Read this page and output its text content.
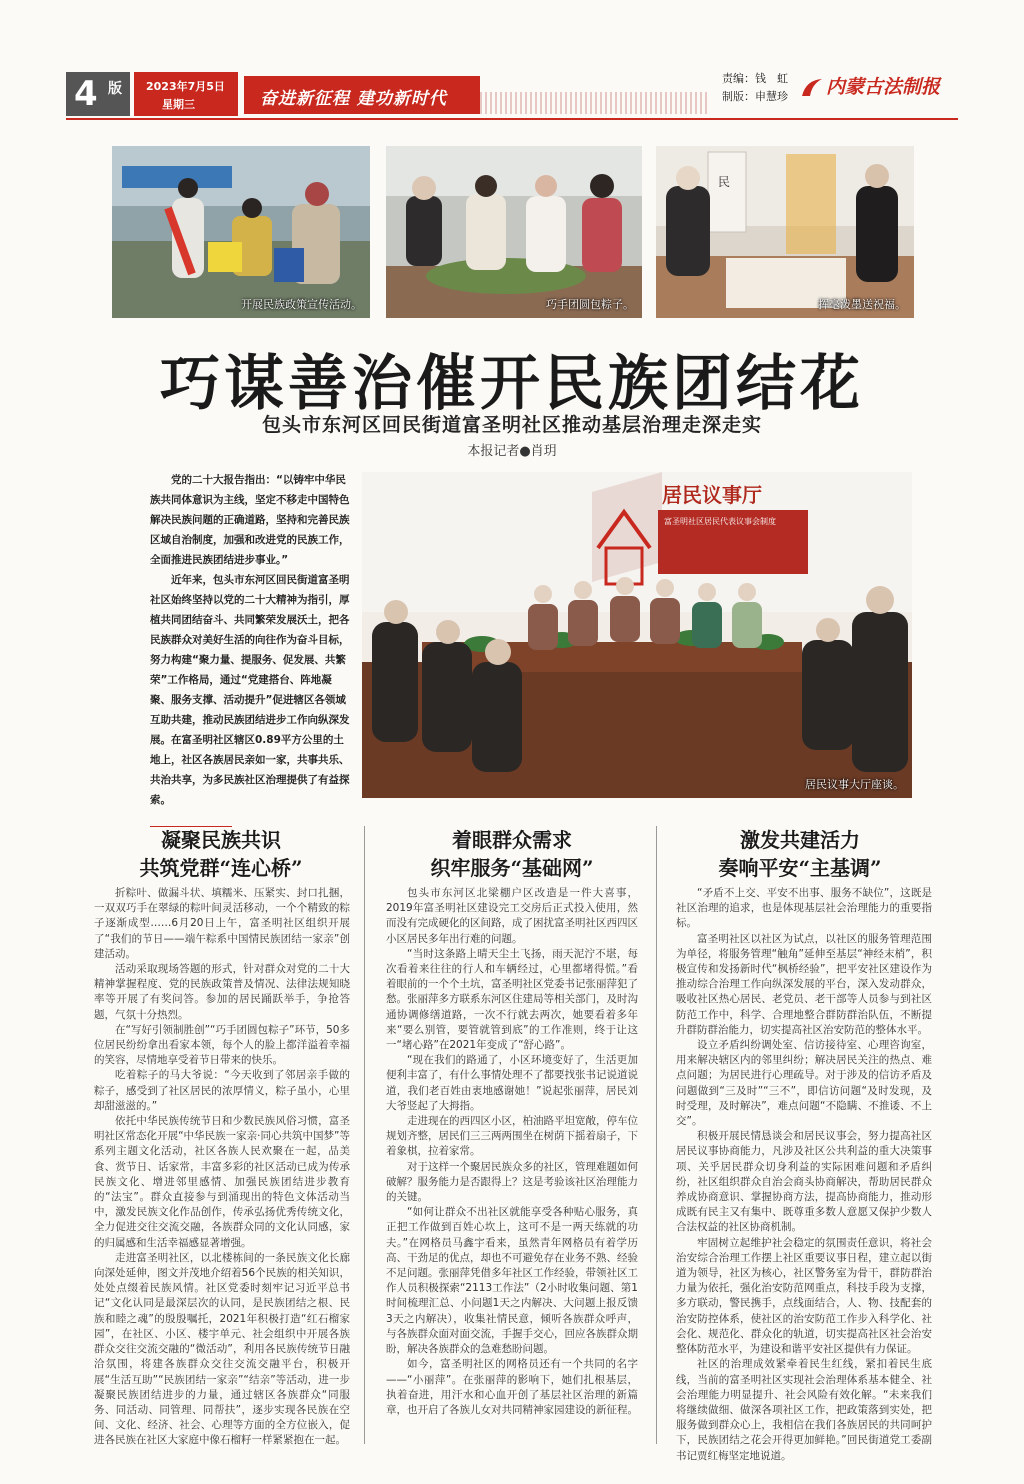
4 版 2023年7月5日
星期三	奋进新征程 建功新时代
责编：钱　虹
制版：申慧珍 内蒙古法制报
开展民族政策宣传活动。	巧手团圆包粽子。
民
挥毫泼墨送祝福。
巧谋善治催开民族团结花
包头市东河区回民街道富圣明社区推动基层治理走深走实
本报记者●肖玥

党的二十大报告指出：“以铸牢中华民族共同体意识为主线，坚定不移走中国特色解决民族问题的正确道路，坚持和完善民族区域自治制度，加强和改进党的民族工作，全面推进民族团结进步事业。”

近年来，包头市东河区回民街道富圣明社区始终坚持以党的二十大精神为指引，厚植共同团结奋斗、共同繁荣发展沃土，把各民族群众对美好生活的向往作为奋斗目标，努力构建“聚力量、提服务、促发展、共繁荣”工作格局，通过“党建搭台、阵地凝聚、服务支撑、活动提升”促进辖区各领域互助共建，推动民族团结进步工作向纵深发展。在富圣明社区辖区0.89平方公里的土地上，社区各族居民亲如一家，共事共乐、共治共享，为多民族社区治理提供了有益探索。

居民议事厅
富圣明社区居民代表议事会制度
居民议事大厅座谈。
凝聚民族共识
共筑党群“连心桥”

折粽叶、做漏斗状、填糯米、压紧实、封口扎捆，一双双巧手在翠绿的粽叶间灵活移动，一个个精致的粽子逐渐成型……6月20日上午，富圣明社区组织开展了“我们的节日——端午粽系中国情民族团结一家亲”创建活动。

活动采取现场答题的形式，针对群众对党的二十大精神掌握程度、党的民族政策普及情况、法律法规知晓率等开展了有奖问答。参加的居民踊跃举手，争抢答题，气氛十分热烈。

在“写好引领制胜创”“巧手团圆包粽子”环节，50多位居民纷纷拿出看家本领，每个人的脸上都洋溢着幸福的笑容，尽情地享受着节日带来的快乐。

吃着粽子的马大爷说：“今天收到了邻居亲手做的粽子，感受到了社区居民的浓厚情义，粽子虽小，心里却甜滋滋的。”

依托中华民族传统节日和少数民族风俗习惯，富圣明社区常态化开展“中华民族一家亲·同心共筑中国梦”等系列主题文化活动，社区各族人民欢聚在一起，品美食、赏节日、话家常，丰富多彩的社区活动已成为传承民族文化、增进邻里感情、加强民族团结进步教育的“法宝”。群众直接参与到涌现出的特色文体活动当中，激发民族文化作品创作，传承弘扬优秀传统文化，全力促进交往交流交融，各族群众同的文化认同感，家的归属感和生活幸福感显著增强。

走进富圣明社区，以北楼栋间的一条民族文化长廊向深处延伸，图文并茂地介绍着56个民族的相关知识，处处点缀着民族风情。社区党委时刻牢记习近平总书记“文化认同是最深层次的认同，是民族团结之根、民族和睦之魂”的殷殷嘱托，2021年积极打造“红石榴家园”，在社区、小区、楼宇单元、社会组织中开展各族群众交往交流交融的“微活动”，利用各民族传统节日融洽氛围，将建各族群众交往交流交融平台，积极开展“生活互助”“民族团结一家亲”“结亲”等活动，进一步凝聚民族团结进步的力量，通过辖区各族群众“同服务、同活动、同管理、同帮扶”，逐步实现各民族在空间、文化、经济、社会、心理等方面的全方位嵌入，促进各民族在社区大家庭中像石榴籽一样紧紧抱在一起。

着眼群众需求
织牢服务“基础网”

包头市东河区北梁棚户区改造是一件大喜事，2019年富圣明社区建设完工交房后正式投入使用，然而没有完成硬化的区间路，成了困扰富圣明社区西四区小区居民多年出行难的问题。

“当时这条路上晴天尘土飞扬，雨天泥泞不堪，每次看着来往往的行人和车辆经过，心里都堵得慌。”看着眼前的一个个土坑，富圣明社区党委书记张丽萍犯了愁。张丽萍多方联系东河区住建局等相关部门，及时沟通协调修缮道路，一次不行就去两次，她要看着多年来“要么别管，要管就管到底”的工作准则，终于让这一“堵心路”在2021年变成了“舒心路”。

“现在我们的路通了，小区环境变好了，生活更加便利丰富了，有什么事情处理不了都要找张书记说道说道，我们老百姓由衷地感谢她！”说起张丽萍，居民刘大爷竖起了大拇指。

走进现在的西四区小区，柏油路平坦宽敞，停车位规划齐整，居民们三三两两围坐在树荫下摇着扇子，下着象棋，拉着家常。

对于这样一个聚居民族众多的社区，管理难题如何破解？服务能力是否跟得上？这是考验该社区治理能力的关键。

“如何让群众不出社区就能享受各种贴心服务，真正把工作做到百姓心坎上，这可不是一两天练就的功夫。”在网格员马鑫宇看来，虽然青年网格员有着学历高、干劲足的优点，却也不可避免存在业务不熟、经验不足问题。张丽萍凭借多年社区工作经验，带领社区工作人员积极探索“2113工作法”（2小时收集问题、第1时间梳理汇总、小问题1天之内解决、大问题上报反馈3天之内解决），收集社情民意，倾听各族群众呼声，与各族群众面对面交流，手握手交心，回应各族群众期盼，解决各族群众的急难愁盼问题。

如今，富圣明社区的网格员还有一个共同的名字——“小丽萍”。在张丽萍的影响下，她们扎根基层，执着奋进，用汗水和心血开创了基层社区治理的新篇章，也开启了各族儿女对共同精神家园建设的新征程。

激发共建活力
奏响平安“主基调”

“矛盾不上交、平安不出事、服务不缺位”，这既是社区治理的追求，也是体现基层社会治理能力的重要指标。

富圣明社区以社区为试点，以社区的服务管理范围为单径，将服务管理“触角”延伸至基层“神经末梢”，积极宣传和发扬新时代“枫桥经验”，把平安社区建设作为推动综合治理工作向纵深发展的平台，深入发动群众，吸收社区热心居民、老党员、老干部等人员参与到社区防范工作中，科学、合理地整合群防群治队伍，不断提升群防群治能力，切实提高社区治安防范的整体水平。

设立矛盾纠纷调处室、信访接待室、心理咨询室，用来解决辖区内的邻里纠纷；解决居民关注的热点、难点问题；为居民进行心理疏导。对于涉及的信访矛盾及问题做到“三及时”“三不”，即信访问题“及时发现，及时受理，及时解决”，难点问题“不隐瞒、不推诿、不上交”。

积极开展民情恳谈会和居民议事会，努力提高社区居民议事协商能力，凡涉及社区公共利益的重大决策事项、关乎居民群众切身利益的实际困难问题和矛盾纠纷，社区组织群众自治会商头协商解决，帮助居民群众养成协商意识、掌握协商方法，提高协商能力，推动形成既有民主又有集中、既尊重多数人意愿又保护少数人合法权益的社区协商机制。

牢固树立起维护社会稳定的氛围责任意识，将社会治安综合治理工作摆上社区重要议事日程，建立起以街道为领导，社区为核心，社区警务室为骨干，群防群治力量为依托，强化治安防范网重点，科技手段为支撑，多方联动，警民携手，点线面结合，人、物、技配套的治安防控体系，使社区的治安防范工作步入科学化、社会化、规范化、群众化的轨道，切实提高社区社会治安整体防范水平，为建设和谐平安社区提供有力保证。

社区的治理成效紧牵着民生红线，紧扣着民生底线，当前的富圣明社区实现社会治理体系基本健全、社会治理能力明显提升、社会风险有效化解。“未来我们将继续做细、做深各项社区工作，把政策落到实处，把服务做到群众心上，我相信在我们各族居民的共同呵护下，民族团结之花会开得更加鲜艳。”回民街道党工委副书记贾红梅坚定地说道。
